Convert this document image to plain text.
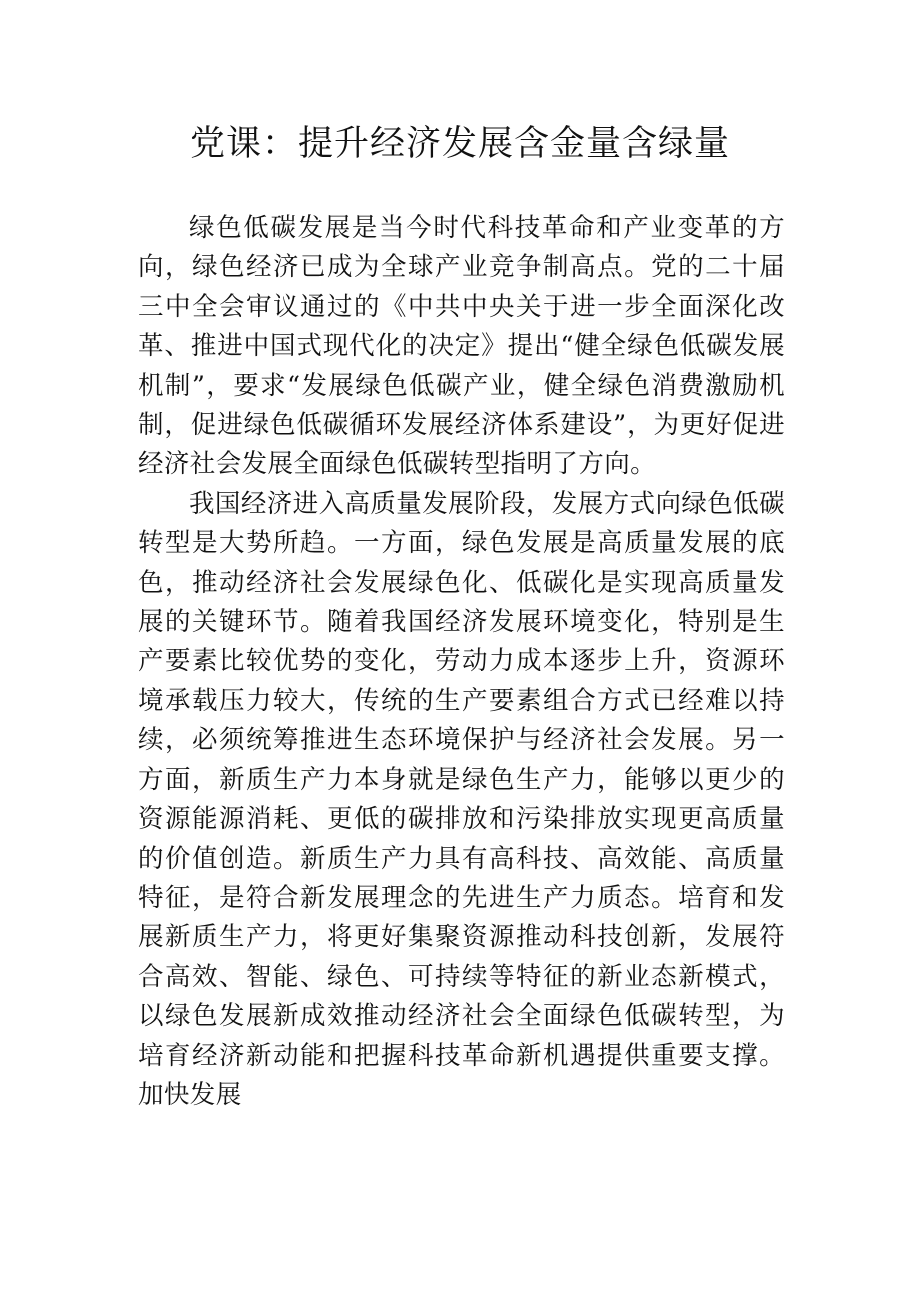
党课：提升经济发展含金量含绿量

绿色低碳发展是当今时代科技革命和产业变革的方向，绿色经济已成为全球产业竞争制高点。党的二十届三中全会审议通过的《中共中央关于进一步全面深化改革、推进中国式现代化的决定》提出“健全绿色低碳发展机制”，要求“发展绿色低碳产业，健全绿色消费激励机制，促进绿色低碳循环发展经济体系建设”，为更好促进经济社会发展全面绿色低碳转型指明了方向。

我国经济进入高质量发展阶段，发展方式向绿色低碳转型是大势所趋。一方面，绿色发展是高质量发展的底色，推动经济社会发展绿色化、低碳化是实现高质量发展的关键环节。随着我国经济发展环境变化，特别是生产要素比较优势的变化，劳动力成本逐步上升，资源环境承载压力较大，传统的生产要素组合方式已经难以持续，必须统筹推进生态环境保护与经济社会发展。另一方面，新质生产力本身就是绿色生产力，能够以更少的资源能源消耗、更低的碳排放和污染排放实现更高质量的价值创造。新质生产力具有高科技、高效能、高质量特征，是符合新发展理念的先进生产力质态。培育和发展新质生产力，将更好集聚资源推动科技创新，发展符合高效、智能、绿色、可持续等特征的新业态新模式，以绿色发展新成效推动经济社会全面绿色低碳转型，为培育经济新动能和把握科技革命新机遇提供重要支撑。加快发展
